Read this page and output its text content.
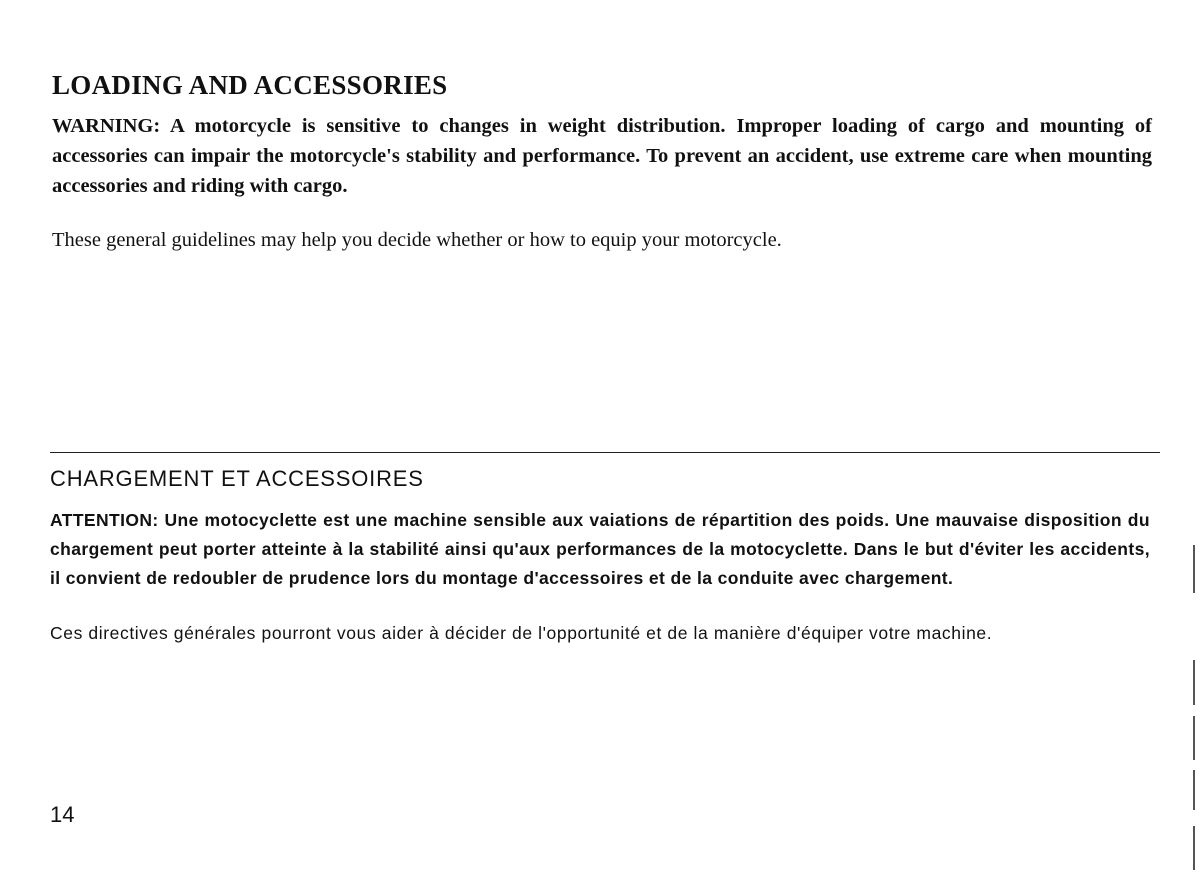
LOADING AND ACCESSORIES

WARNING: A motorcycle is sensitive to changes in weight distribution. Improper loading of cargo and mounting of accessories can impair the motorcycle's stability and performance. To prevent an accident, use extreme care when mounting accessories and riding with cargo.

These general guidelines may help you decide whether or how to equip your motorcycle.

CHARGEMENT ET ACCESSOIRES

ATTENTION: Une motocyclette est une machine sensible aux vaiations de répartition des poids. Une mauvaise disposition du chargement peut porter atteinte à la stabilité ainsi qu'aux performances de la motocyclette. Dans le but d'éviter les accidents, il convient de redoubler de prudence lors du montage d'accessoires et de la conduite avec chargement.

Ces directives générales pourront vous aider à décider de l'opportunité et de la manière d'équiper votre machine.

14
